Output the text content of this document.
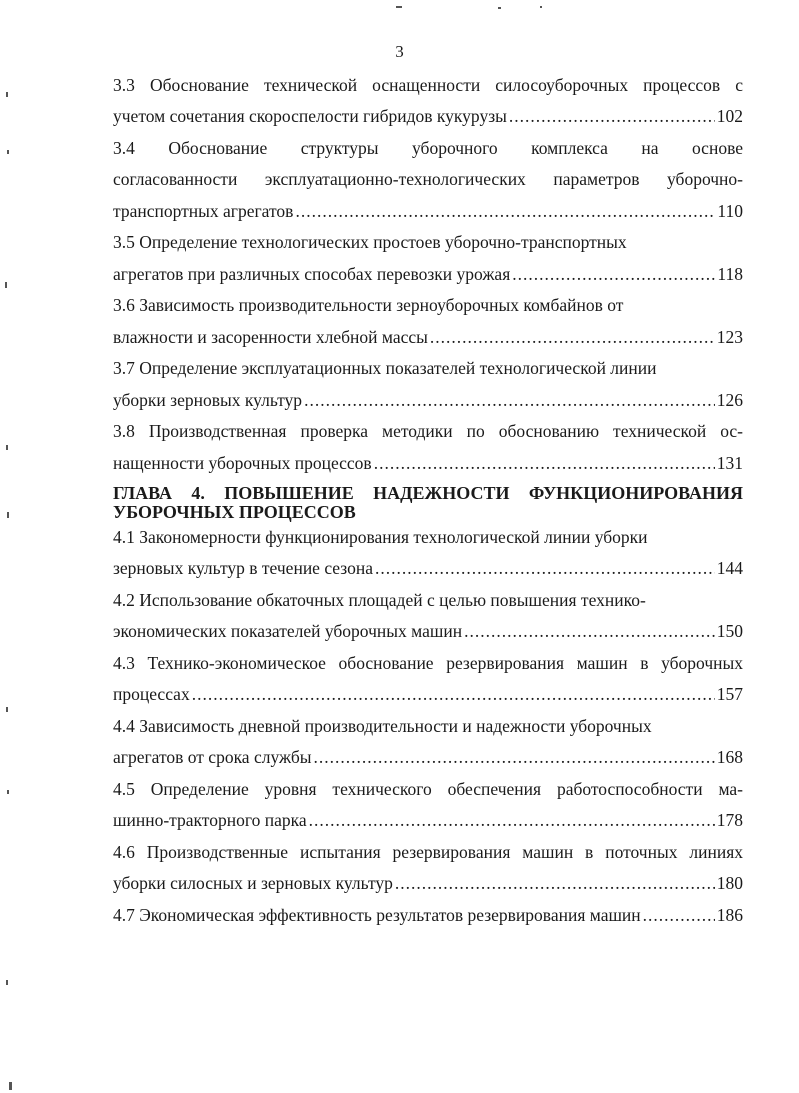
3
3.3 Обоснование технической оснащенности силосоуборочных процессов с
учетом сочетания скороспелости гибридов кукурузы .....	102
3.4 Обоснование структуры уборочного комплекса на основе
согласованности эксплуатационно-технологических параметров уборочно-
транспортных агрегатов .....	110
3.5 Определение технологических простоев уборочно-транспортных
агрегатов при различных способах перевозки урожая .....	118
3.6 Зависимость производительности зерноуборочных комбайнов от
влажности и засоренности хлебной массы .....	123
3.7 Определение эксплуатационных показателей технологической линии
уборки зерновых культур .....	126
3.8 Производственная проверка методики по обоснованию технической ос-
нащенности уборочных процессов .....	131
ГЛАВА 4. ПОВЫШЕНИЕ НАДЕЖНОСТИ ФУНКЦИОНИРОВАНИЯ
УБОРОЧНЫХ ПРОЦЕССОВ
4.1 Закономерности функционирования технологической линии уборки
зерновых культур в течение сезона .....	144
4.2 Использование обкаточных площадей с целью повышения технико-
экономических показателей уборочных машин .....	150
4.3 Технико-экономическое обоснование резервирования машин в уборочных
процессах .....	157
4.4 Зависимость дневной производительности и надежности уборочных
агрегатов от срока службы .....	168
4.5 Определение уровня технического обеспечения работоспособности ма-
шинно-тракторного парка .....	178
4.6 Производственные испытания резервирования машин в поточных линиях
уборки силосных и зерновых культур .....	180
4.7 Экономическая эффективность результатов резервирования машин .....	186
